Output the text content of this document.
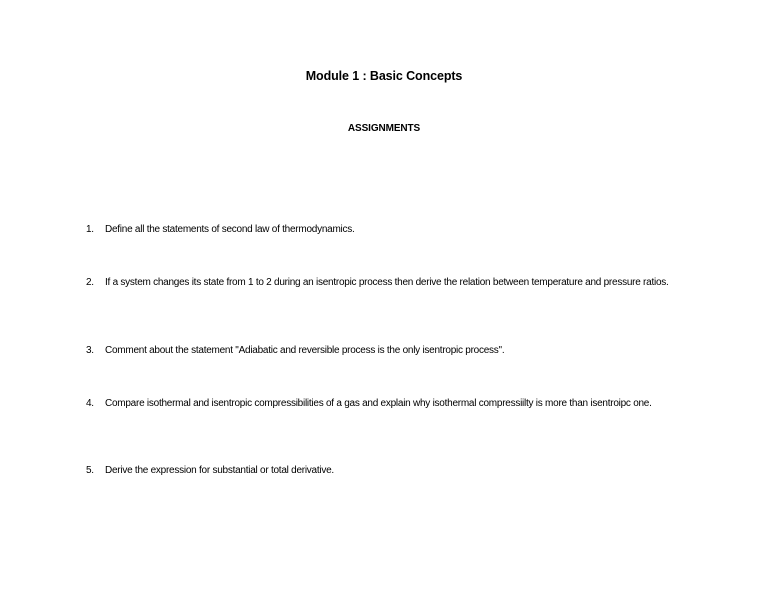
Module 1 : Basic Concepts
ASSIGNMENTS
1.	Define all the statements of second law of thermodynamics.
2.	If a system changes its state from 1 to 2 during an isentropic process then derive the relation between temperature and pressure ratios.
3.	Comment about the statement "Adiabatic and reversible process is the only isentropic process".
4.	Compare isothermal and isentropic compressibilities of a gas and explain why isothermal compressiilty is more than isentroipc one.
5.	Derive the expression for substantial or total derivative.
